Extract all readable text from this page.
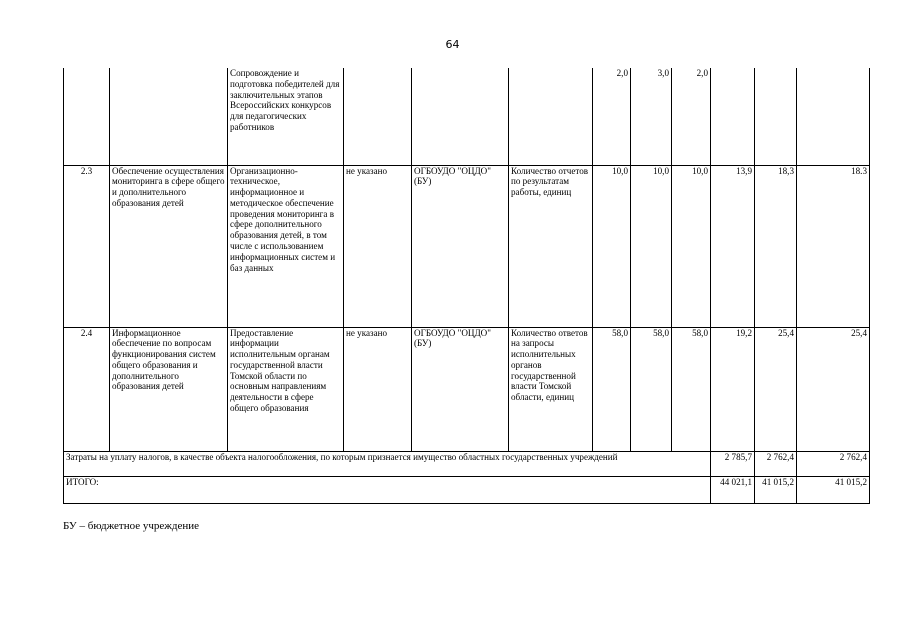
64
		Сопровождение и подготовка победителей для заключительных этапов Всероссийских конкурсов для педагогических работников				2,0	3,0	2,0			
2.3	Обеспечение осуществления мониторинга в сфере общего и дополнительного образования детей	Организационно-техническое, информационное и методическое обеспечение проведения мониторинга в сфере дополнительного образования детей, в том числе с использованием информационных систем и баз данных	не указано	ОГБОУДО "ОЦДО" (БУ)	Количество отчетов по результатам работы, единиц	10,0	10,0	10,0	13,9	18,3	18.3
2.4	Информационное обеспечение по вопросам функционирования систем общего образования и дополнительного образования детей	Предоставление информации исполнительным органам государственной власти Томской области по основным направлениям деятельности в сфере общего образования	не указано	ОГБОУДО "ОЦДО" (БУ)	Количество ответов на запросы исполнительных органов государственной власти Томской области, единиц	58,0	58,0	58,0	19,2	25,4	25,4
Затраты на уплату налогов, в качестве объекта налогообложения, по которым признается имущество областных государственных учреждений									2 785,7	2 762,4	2 762,4
ИТОГО:									44 021,1	41 015,2	41 015,2
БУ – бюджетное учреждение
